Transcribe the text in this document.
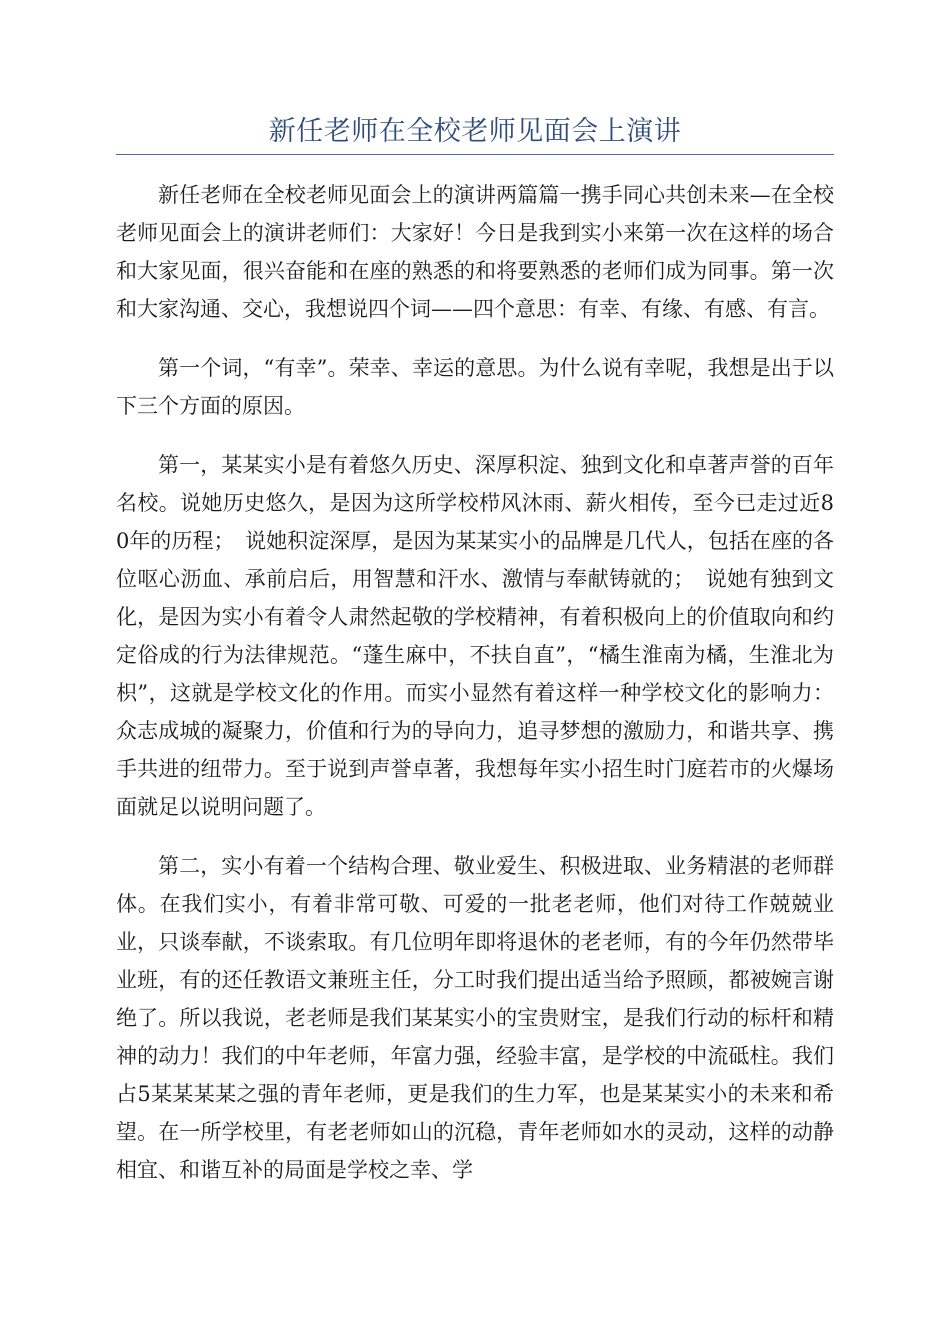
新任老师在全校老师见面会上演讲

新任老师在全校老师见面会上的演讲两篇篇一携手同心共创未来—在全校老师见面会上的演讲老师们：大家好！今日是我到实小来第一次在这样的场合和大家见面，很兴奋能和在座的熟悉的和将要熟悉的老师们成为同事。第一次和大家沟通、交心，我想说四个词——四个意思：有幸、有缘、有感、有言。

第一个词，“有幸”。荣幸、幸运的意思。为什么说有幸呢，我想是出于以下三个方面的原因。

第一，某某实小是有着悠久历史、深厚积淀、独到文化和卓著声誉的百年名校。说她历史悠久，是因为这所学校栉风沐雨、薪火相传，至今已走过近80年的历程；　说她积淀深厚，是因为某某实小的品牌是几代人，包括在座的各位呕心沥血、承前启后，用智慧和汗水、激情与奉献铸就的；　说她有独到文化，是因为实小有着令人肃然起敬的学校精神，有着积极向上的价值取向和约定俗成的行为法律规范。“蓬生麻中，不扶自直”，“橘生淮南为橘，生淮北为枳”，这就是学校文化的作用。而实小显然有着这样一种学校文化的影响力：众志成城的凝聚力，价值和行为的导向力，追寻梦想的激励力，和谐共享、携手共进的纽带力。至于说到声誉卓著，我想每年实小招生时门庭若市的火爆场面就足以说明问题了。

第二，实小有着一个结构合理、敬业爱生、积极进取、业务精湛的老师群体。在我们实小，有着非常可敬、可爱的一批老老师，他们对待工作兢兢业业，只谈奉献，不谈索取。有几位明年即将退休的老老师，有的今年仍然带毕业班，有的还任教语文兼班主任，分工时我们提出适当给予照顾，都被婉言谢绝了。所以我说，老老师是我们某某实小的宝贵财宝，是我们行动的标杆和精神的动力！我们的中年老师，年富力强，经验丰富，是学校的中流砥柱。我们占5某某某某之强的青年老师，更是我们的生力军，也是某某实小的未来和希望。在一所学校里，有老老师如山的沉稳，青年老师如水的灵动，这样的动静相宜、和谐互补的局面是学校之幸、学
